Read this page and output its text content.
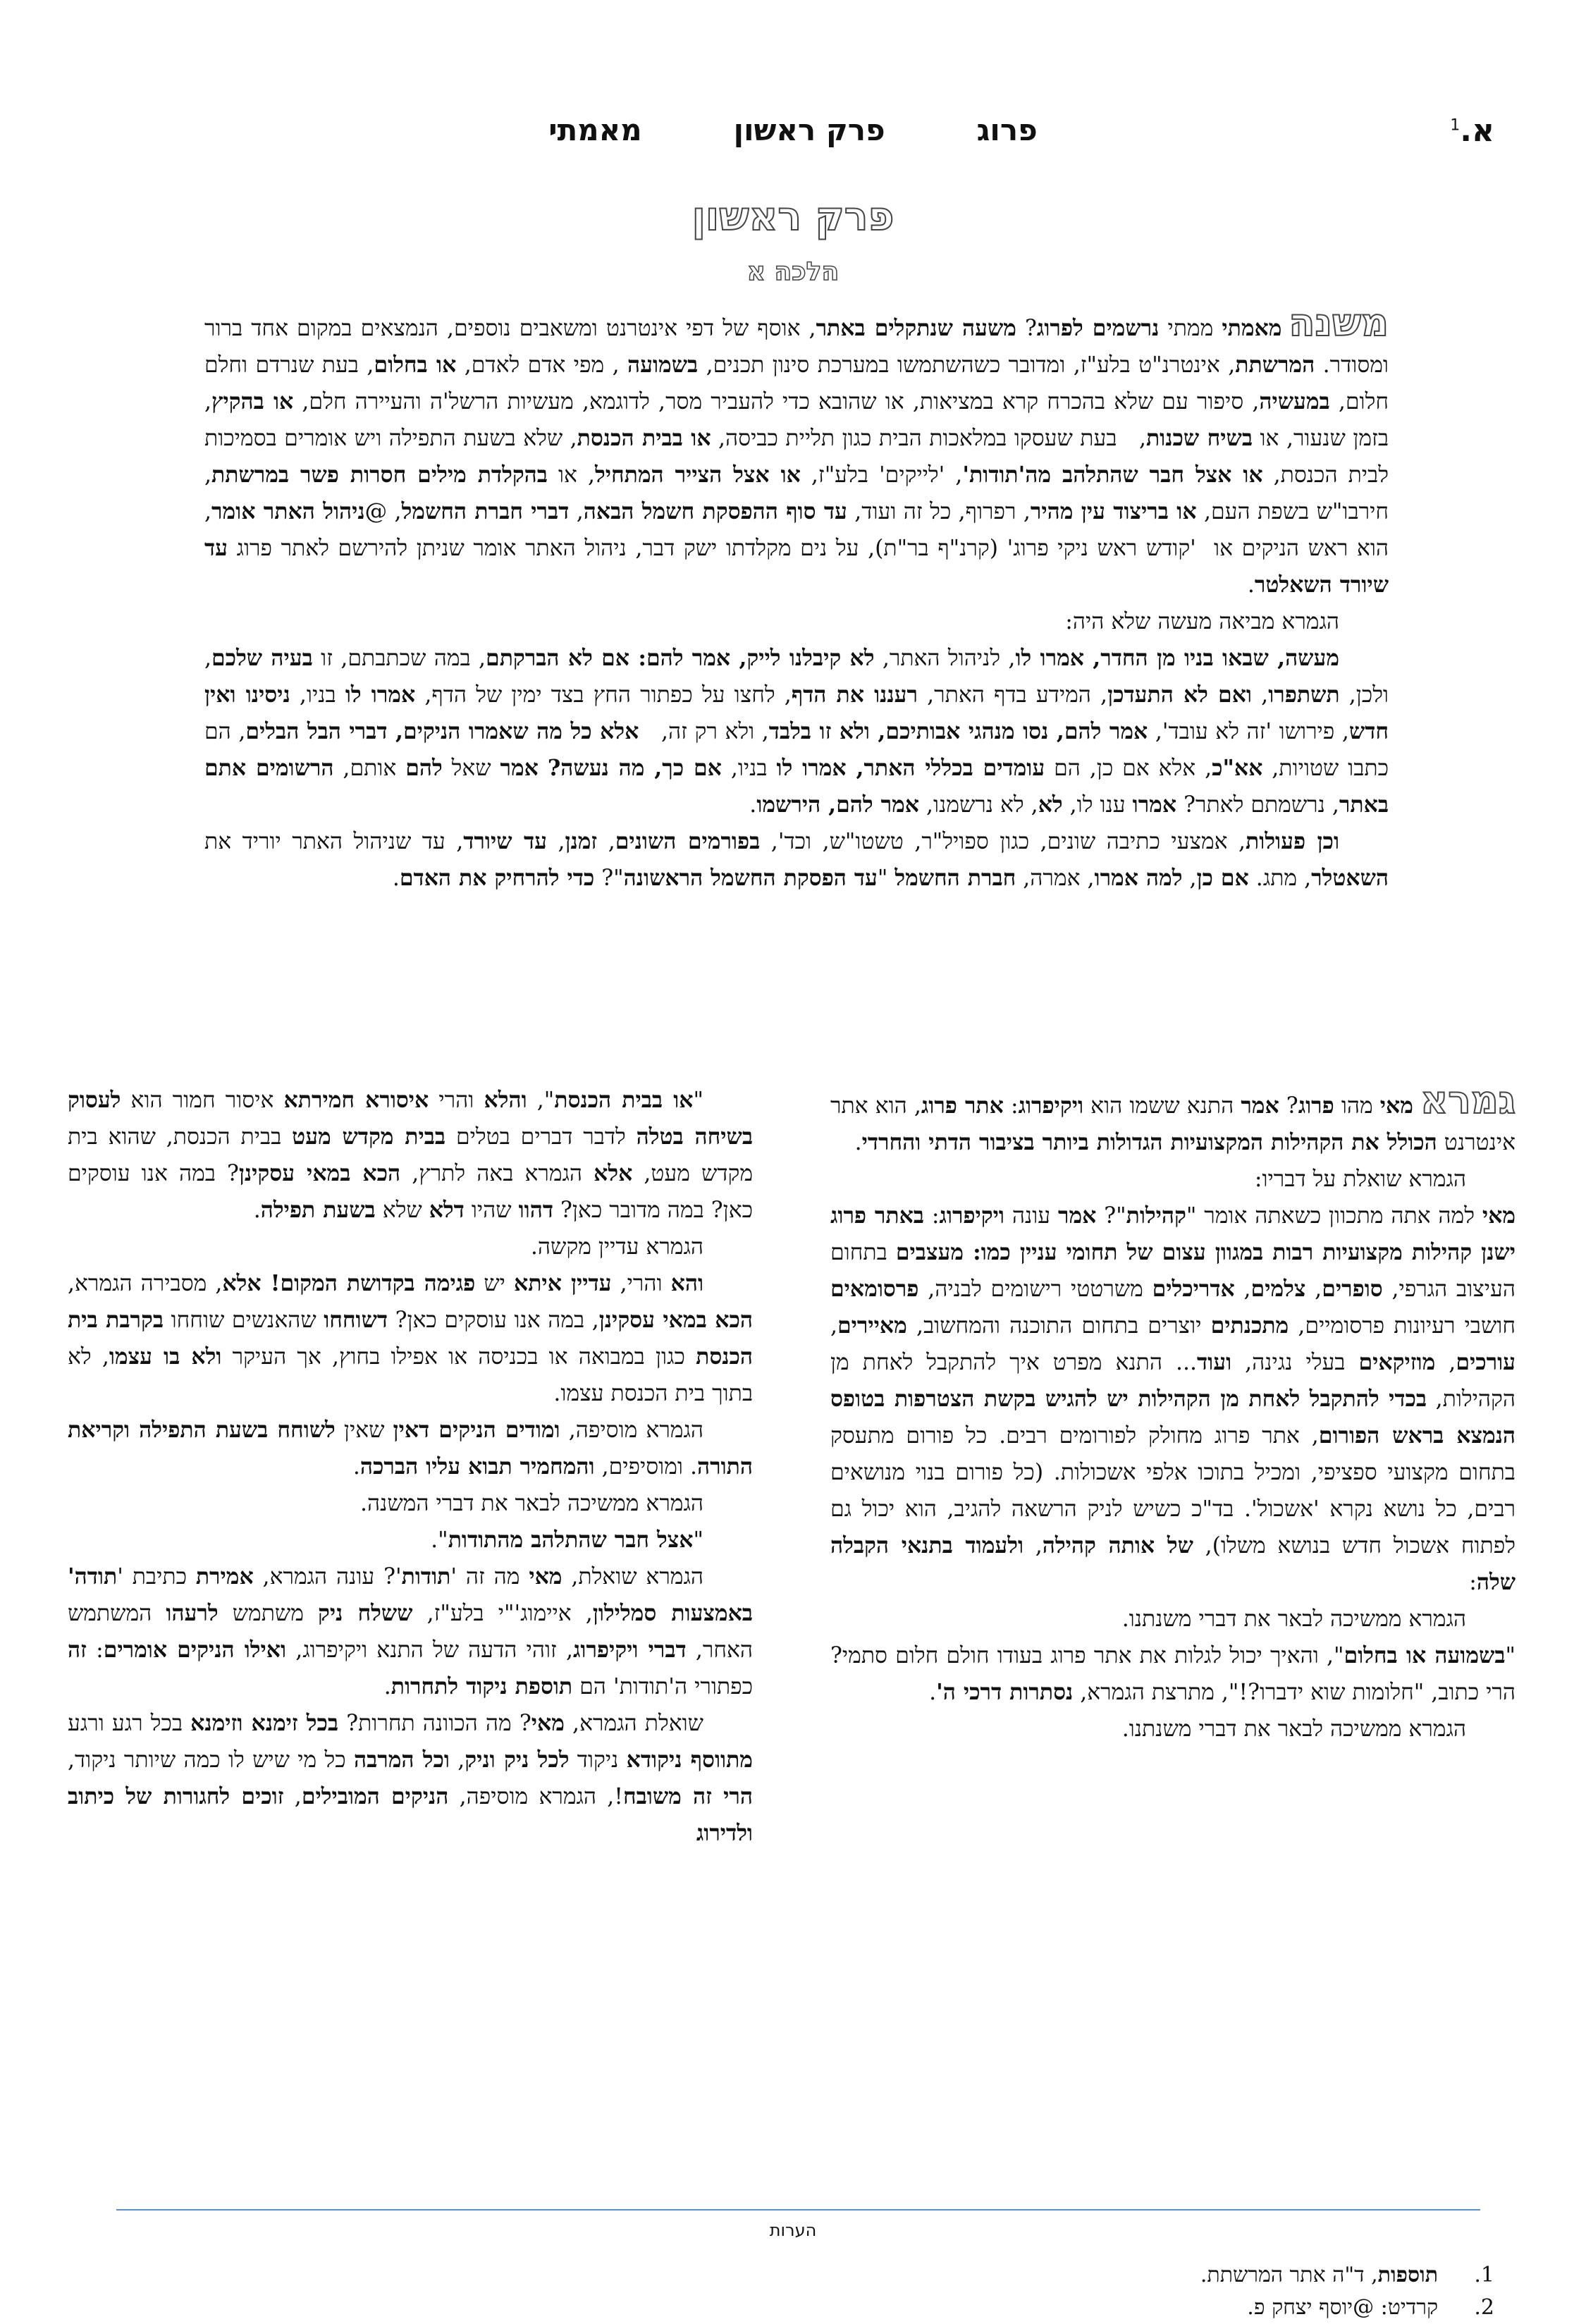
א.$^1$
מאמתי	פרק ראשון	פרוג
פרק ראשון
הלכה א

משנהמאמתי ממתי נרשמים לפרוג? משעה שנתקלים באתר, אוסף של דפי אינטרנט ומשאבים נוספים, הנמצאים במקום אחד ברור ומסודר. המרשתת, אינטרנ"ט בלע"ז, ומדובר כשהשתמשו במערכת סינון תכנים, בשמועה , מפי אדם לאדם, או בחלום, בעת שנרדם וחלם חלום, במעשיה, סיפור עם שלא בהכרח קרא במציאות, או שהובא כדי להעביר מסר, לדוגמא, מעשיות הרשל'ה והעיירה חלם, או בהקיץ, בזמן שנעור, או בשיח שכנות,   בעת שעסקו במלאכות הבית כגון תליית כביסה, או בבית הכנסת, שלא בשעת התפילה ויש אומרים בסמיכות לבית הכנסת, או אצל חבר שהתלהב מה'תודות', 'לייקים' בלע"ז, או אצל הצייר המתחיל, או בהקלדת מילים חסרות פשר במרשתת, חירבו"ש בשפת העם, או בריצוד עין מהיר, רפרוף, כל זה ועוד, עד סוף ההפסקת חשמל הבאה, דברי חברת החשמל, @ניהול האתר אומר, הוא ראש הניקים או  'קודש ראש ניקי פרוג' (קרנ"ף בר"ת), על נים מקלדתו ישק דבר, ניהול האתר אומר שניתן להירשם לאתר פרוג עד שיורד השאלטר.

הגמרא מביאה מעשה שלא היה:

מעשה, שבאו בניו מן החדר, אמרו לו, לניהול האתר, לא קיבלנו לייק, אמר להם: אם לא הברקתם, במה שכתבתם, זו בעיה שלכם, ולכן, תשתפרו, ואם לא התעדכן, המידע בדף האתר, רעננו את הדף, לחצו על כפתור החץ בצד ימין של הדף, אמרו לו בניו, ניסינו ואין חדש, פירושו 'זה לא עובד', אמר להם, נסו מנהגי אבותיכם, ולא זו בלבד, ולא רק זה,   אלא כל מה שאמרו הניקים, דברי הבל הבלים, הם כתבו שטויות, אא"כ, אלא אם כן, הם עומדים בכללי האתר, אמרו לו בניו, אם כך, מה נעשה? אמר שאל להם אותם, הרשומים אתם באתר, נרשמתם לאתר? אמרו ענו לו, לא, לא נרשמנו, אמר להם, הירשמו.

וכן פעולות, אמצעי כתיבה שונים, כגון ספויל"ר, טשטו"ש, וכד', בפורמים השונים, זמנן, עד שיורד, עד שניהול האתר יוריד את השאטלר, מתג. אם כן, למה אמרו, אמרה, חברת החשמל "עד הפסקת החשמל הראשונה"? כדי להרחיק את האדם.

גמראמאי מהו פרוג? אמר התנא ששמו הוא ויקיפרוג: אתר פרוג, הוא אתר אינטרנט הכולל את הקהילות המקצועיות הגדולות ביותר בציבור הדתי והחרדי.

הגמרא שואלת על דבריו:

מאי למה אתה מתכוון כשאתה אומר "קהילות"? אמר עונה ויקיפרוג: באתר פרוג ישנן קהילות מקצועיות רבות במגוון עצום של תחומי עניין כמו: מעצבים בתחום העיצוב הגרפי, סופרים, צלמים, אדריכלים משרטטי רישומים לבניה, פרסומאים חושבי רעיונות פרסומיים, מתכנתים יוצרים בתחום התוכנה והמחשוב, מאיירים, עורכים, מוזיקאים בעלי נגינה, ועוד... התנא מפרט איך להתקבל לאחת מן הקהילות, בכדי להתקבל לאחת מן הקהילות יש להגיש בקשת הצטרפות בטופס הנמצא בראש הפורום, אתר פרוג מחולק לפורומים רבים. כל פורום מתעסק בתחום מקצועי ספציפי, ומכיל בתוכו אלפי אשכולות. (כל פורום בנוי מנושאים רבים, כל נושא נקרא 'אשכול'. בד"כ כשיש לניק הרשאה להגיב, הוא יכול גם לפתוח אשכול חדש בנושא משלו), של אותה קהילה, ולעמוד בתנאי הקבלה שלה:

הגמרא ממשיכה לבאר את דברי משנתנו.

"בשמועה או בחלום", והאיך יכול לגלות את אתר פרוג בעודו חולם חלום סתמי? הרי כתוב, "חלומות שוא ידברו?!", מתרצת הגמרא, נסתרות דרכי ה'.

הגמרא ממשיכה לבאר את דברי משנתנו.

"או בבית הכנסת", והלא והרי איסורא חמירתא איסור חמור הוא לעסוק בשיחה בטלה לדבר דברים בטלים בבית מקדש מעט בבית הכנסת, שהוא בית מקדש מעט, אלא הגמרא באה לתרץ, הכא במאי עסקינן? במה אנו עוסקים כאן? במה מדובר כאן? דהוו שהיו דלא שלא בשעת תפילה.

הגמרא עדיין מקשה.

והא והרי, עדיין איתא יש פגימה בקדושת המקום! אלא, מסבירה הגמרא, הכא במאי עסקינן, במה אנו עוסקים כאן? דשוחחו שהאנשים שוחחו בקרבת בית הכנסת כגון במבואה או בכניסה או אפילו בחוץ, אך העיקר ולא בו עצמו, לא בתוך בית הכנסת עצמו.

הגמרא מוסיפה, ומודים הניקים דאין שאין לשוחח בשעת התפילה וקריאת התורה. ומוסיפים, והמחמיר תבוא עליו הברכה.

הגמרא ממשיכה לבאר את דברי המשנה.

"אצל חבר שהתלהב מהתודות".

הגמרא שואלת, מאי מה זה 'תודות'? עונה הגמרא, אמירת כתיבת 'תודה' באמצעות סמלילון, איימוג'"י בלע"ז, ששלח ניק משתמש לרעהו המשתמש האחר, דברי ויקיפרוג, זוהי הדעה של התנא ויקיפרוג, ואילו הניקים אומרים: זה כפתורי ה'תודות' הם תוספת ניקוד לתחרות.

שואלת הגמרא, מאי? מה הכוונה תחרות? בכל זימנא וזימנא בכל רגע ורגע מתווסף ניקודא ניקוד לכל ניק וניק, וכל המרבה כל מי שיש לו כמה שיותר ניקוד, הרי זה משובח!, הגמרא מוסיפה, הניקים המובילים, זוכים לחגורות של כיתוב ולדירוג

הערות
1.
תוספות, ד"ה אתר המרשתת.
2.
קרדיט: @יוסף יצחק פ.
